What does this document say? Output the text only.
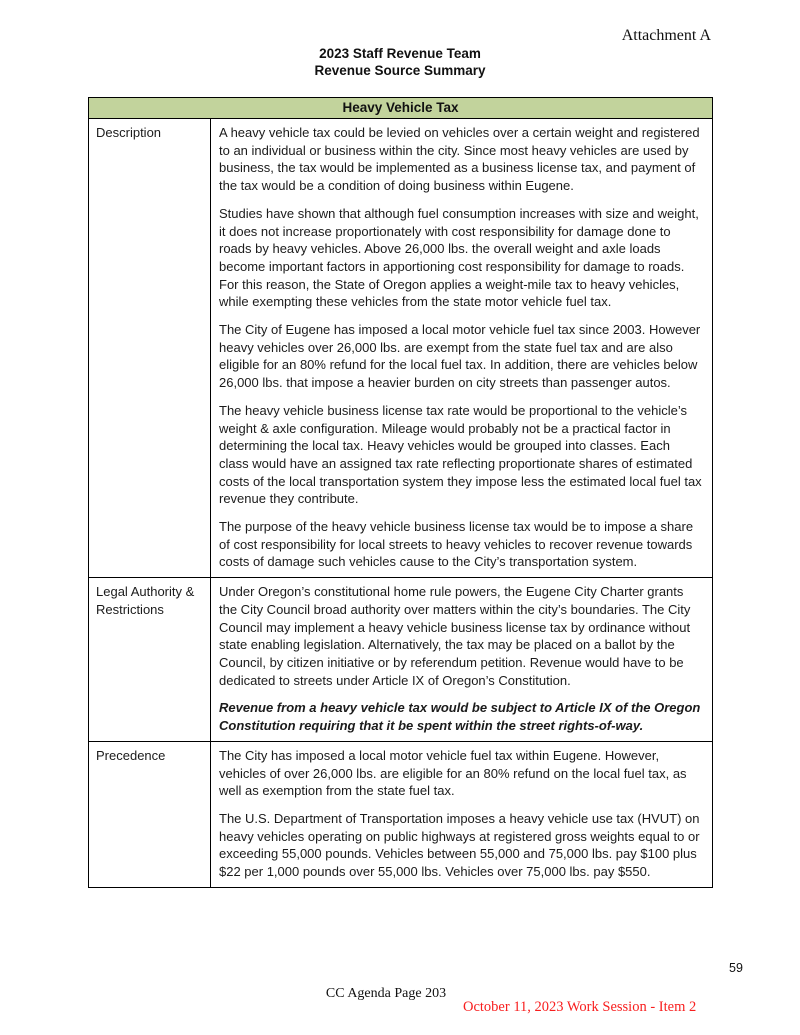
Attachment A
2023 Staff Revenue Team
Revenue Source Summary
Heavy Vehicle Tax	
Description	A heavy vehicle tax could be levied on vehicles over a certain weight and registered to an individual or business within the city. Since most heavy vehicles are used by business, the tax would be implemented as a business license tax, and payment of the tax would be a condition of doing business within Eugene.

Studies have shown that although fuel consumption increases with size and weight, it does not increase proportionately with cost responsibility for damage done to roads by heavy vehicles. Above 26,000 lbs. the overall weight and axle loads become important factors in apportioning cost responsibility for damage to roads. For this reason, the State of Oregon applies a weight-mile tax to heavy vehicles, while exempting these vehicles from the state motor vehicle fuel tax.

The City of Eugene has imposed a local motor vehicle fuel tax since 2003. However heavy vehicles over 26,000 lbs. are exempt from the state fuel tax and are also eligible for an 80% refund for the local fuel tax. In addition, there are vehicles below 26,000 lbs. that impose a heavier burden on city streets than passenger autos.

The heavy vehicle business license tax rate would be proportional to the vehicle’s weight & axle configuration. Mileage would probably not be a practical factor in determining the local tax. Heavy vehicles would be grouped into classes. Each class would have an assigned tax rate reflecting proportionate shares of estimated costs of the local transportation system they impose less the estimated local fuel tax revenue they contribute.

The purpose of the heavy vehicle business license tax would be to impose a share of cost responsibility for local streets to heavy vehicles to recover revenue towards costs of damage such vehicles cause to the City’s transportation system.

Legal Authority & Restrictions	Under Oregon’s constitutional home rule powers, the Eugene City Charter grants the City Council broad authority over matters within the city’s boundaries. The City Council may implement a heavy vehicle business license tax by ordinance without state enabling legislation. Alternatively, the tax may be placed on a ballot by the Council, by citizen initiative or by referendum petition. Revenue would have to be dedicated to streets under Article IX of Oregon’s Constitution.

Revenue from a heavy vehicle tax would be subject to Article IX of the Oregon Constitution requiring that it be spent within the street rights-of-way.

Precedence	The City has imposed a local motor vehicle fuel tax within Eugene. However, vehicles of over 26,000 lbs. are eligible for an 80% refund on the local fuel tax, as well as exemption from the state fuel tax.

The U.S. Department of Transportation imposes a heavy vehicle use tax (HVUT) on heavy vehicles operating on public highways at registered gross weights equal to or exceeding 55,000 pounds. Vehicles between 55,000 and 75,000 lbs. pay $100 plus $22 per 1,000 pounds over 55,000 lbs. Vehicles over 75,000 lbs. pay $550.

CC Agenda Page 203
October 11, 2023 Work Session - Item 2
59
